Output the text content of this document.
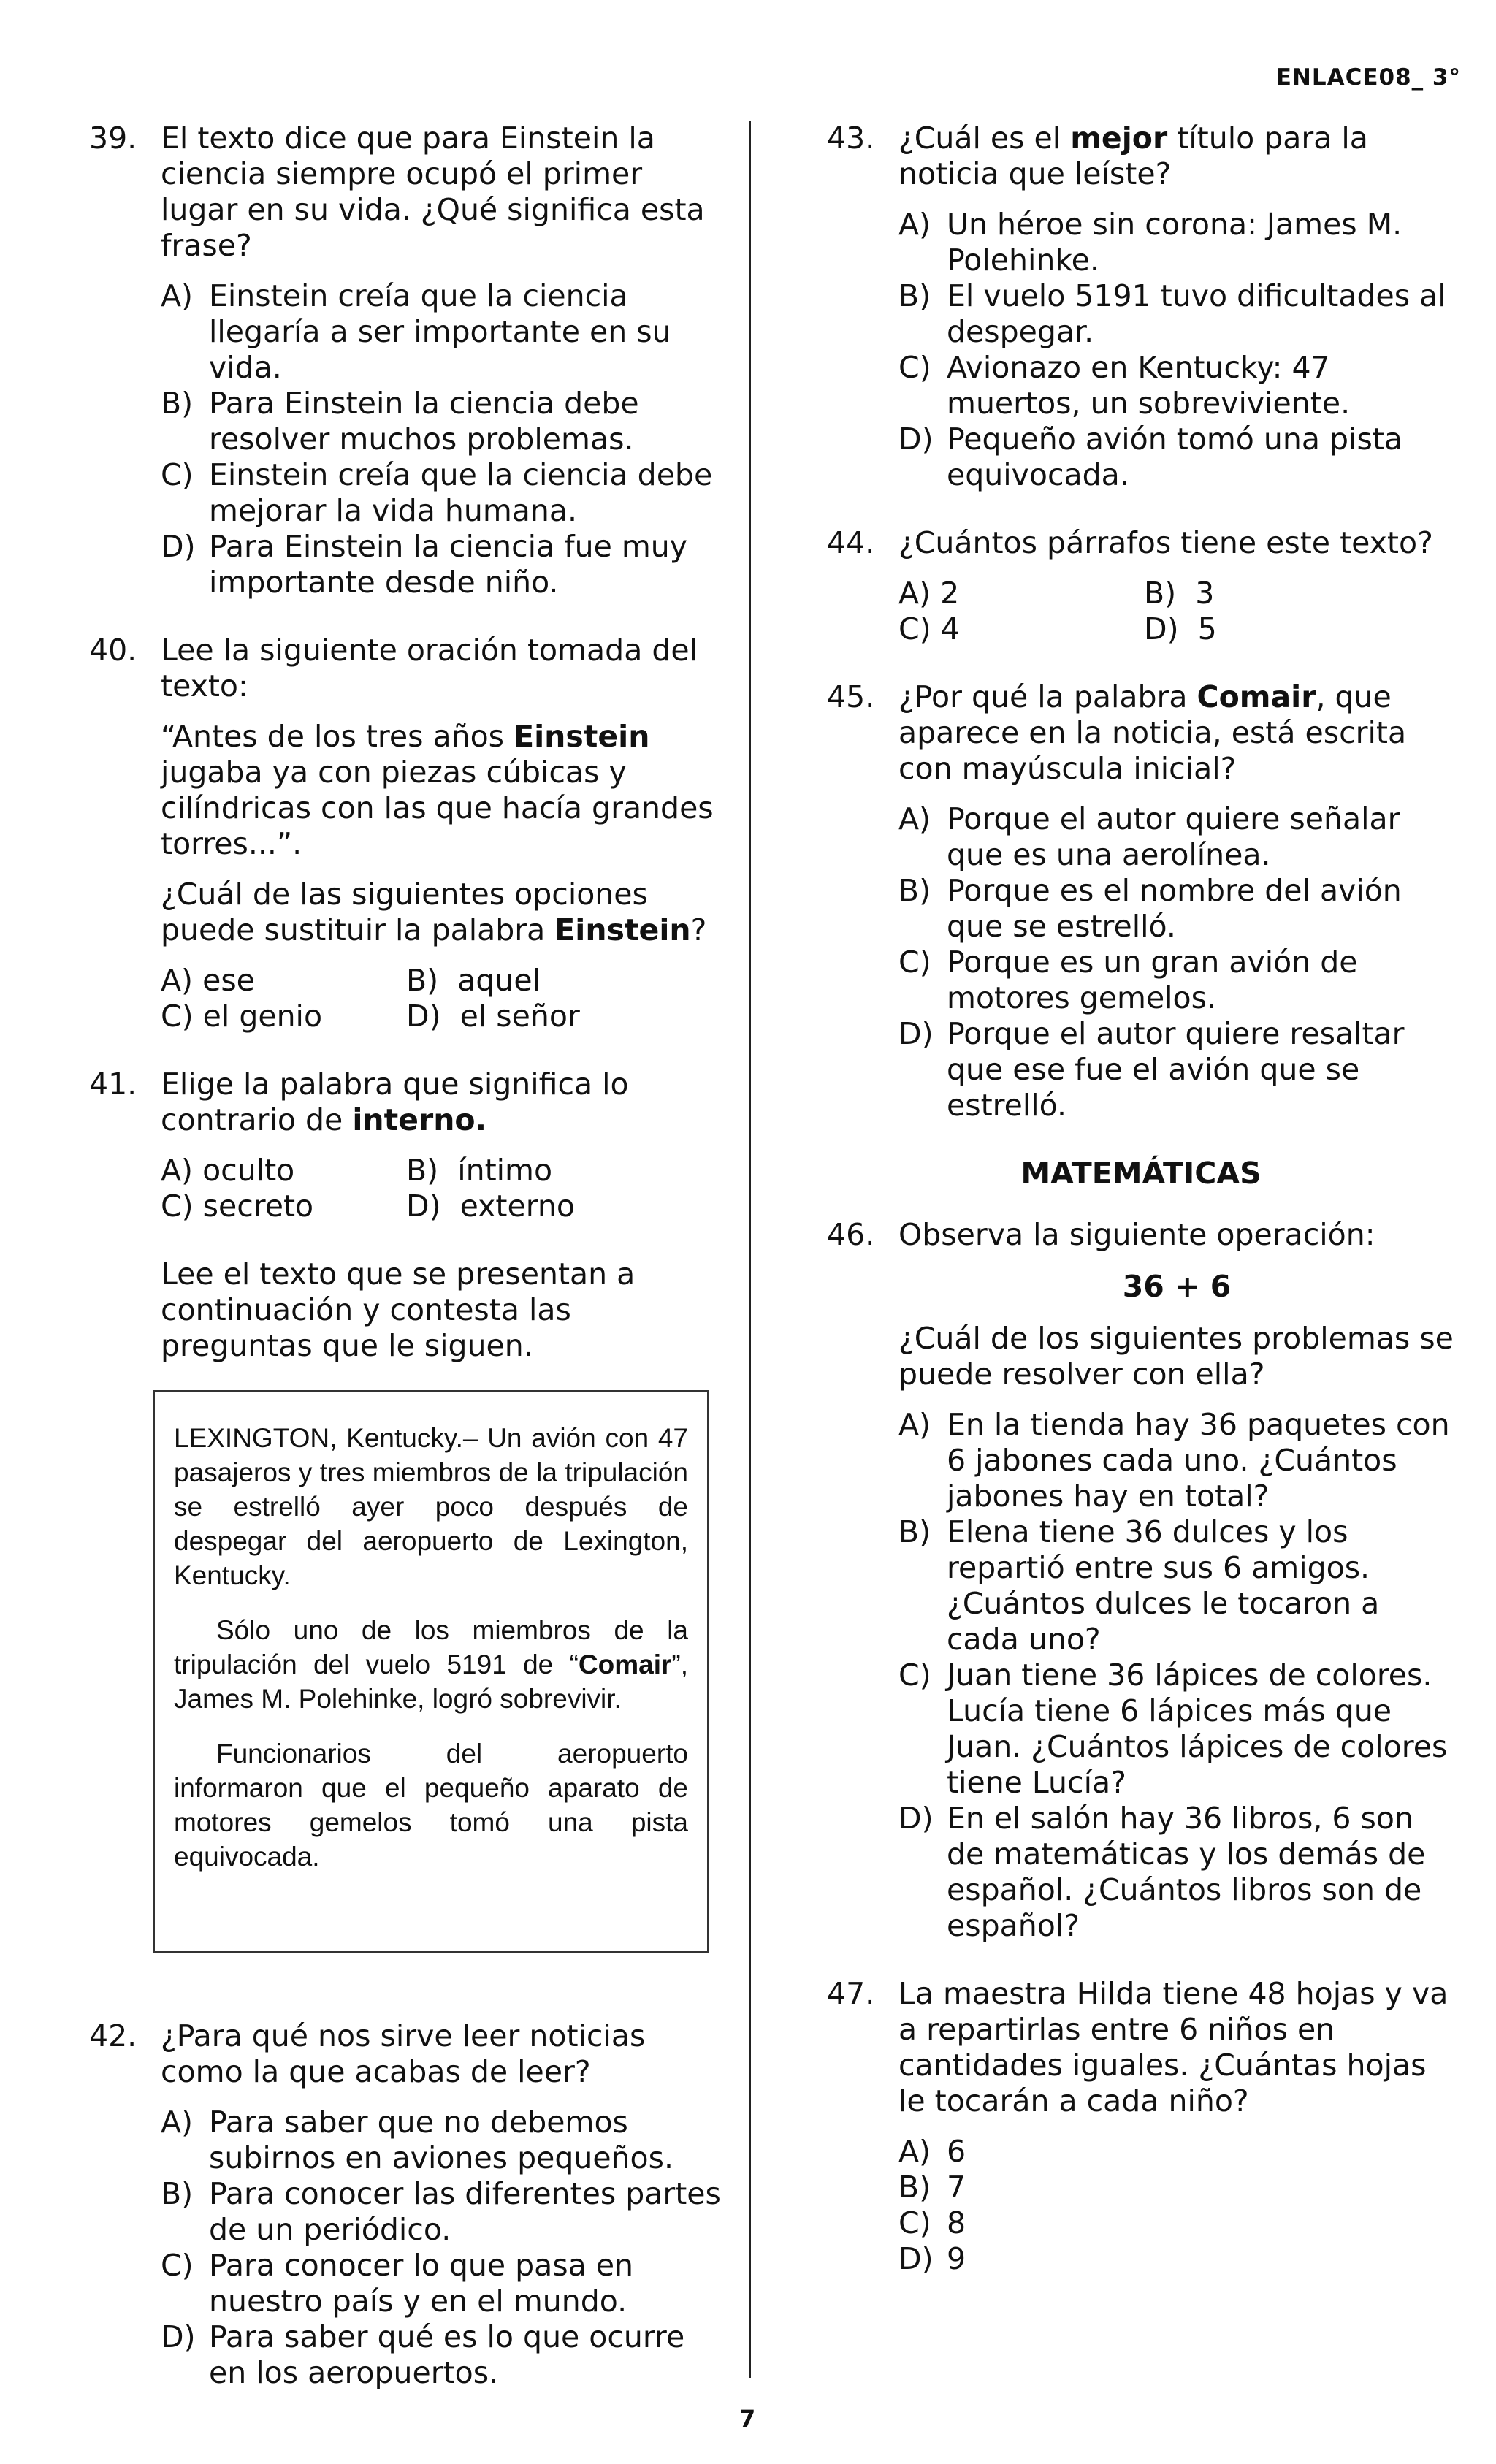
ENLACE08_ 3°
39. El texto dice que para Einstein la ciencia siempre ocupó el primer lugar en su vida. ¿Qué significa esta frase?
A) Einstein creía que la ciencia llegaría a ser importante en su vida.
B) Para Einstein la ciencia debe resolver muchos problemas.
C) Einstein creía que la ciencia debe mejorar la vida humana.
D) Para Einstein la ciencia fue muy importante desde niño.
40. Lee la siguiente oración tomada del texto:
“Antes de los tres años Einstein jugaba ya con piezas cúbicas y cilíndricas con las que hacía grandes torres...”.
¿Cuál de las siguientes opciones puede sustituir la palabra Einstein?
A) ese	B) aquel
C) el genio	D) el señor
41. Elige la palabra que significa lo contrario de interno.
A) oculto	B) íntimo
C) secreto	D) externo
Lee el texto que se presentan a continuación y contesta las preguntas que le siguen.

LEXINGTON, Kentucky.– Un avión con 47 pasajeros y tres miembros de la tripulación se estrelló ayer poco después de despegar del aeropuerto de Lexington, Kentucky.

Sólo uno de los miembros de la tripulación del vuelo 5191 de “Comair”, James M. Polehinke, logró sobrevivir.

Funcionarios del aeropuerto informaron que el pequeño aparato de motores gemelos tomó una pista equivocada.

42. ¿Para qué nos sirve leer noticias como la que acabas de leer?
A) Para saber que no debemos subirnos en aviones pequeños.
B) Para conocer las diferentes partes de un periódico.
C) Para conocer lo que pasa en nuestro país y en el mundo.
D) Para saber qué es lo que ocurre en los aeropuertos.
43. ¿Cuál es el mejor título para la noticia que leíste?
A) Un héroe sin corona: James M. Polehinke.
B) El vuelo 5191 tuvo dificultades al despegar.
C) Avionazo en Kentucky: 47 muertos, un sobreviviente.
D) Pequeño avión tomó una pista equivocada.
44. ¿Cuántos párrafos tiene este texto?
A) 2	B) 3
C) 4	D) 5
45. ¿Por qué la palabra Comair, que aparece en la noticia, está escrita con mayúscula inicial?
A) Porque el autor quiere señalar que es una aerolínea.
B) Porque es el nombre del avión que se estrelló.
C) Porque es un gran avión de motores gemelos.
D) Porque el autor quiere resaltar que ese fue el avión que se estrelló.
MATEMÁTICAS
46. Observa la siguiente operación:
36 + 6
¿Cuál de los siguientes problemas se puede resolver con ella?
A) En la tienda hay 36 paquetes con 6 jabones cada uno. ¿Cuántos jabones hay en total?
B) Elena tiene 36 dulces y los repartió entre sus 6 amigos. ¿Cuántos dulces le tocaron a cada uno?
C) Juan tiene 36 lápices de colores. Lucía tiene 6 lápices más que Juan. ¿Cuántos lápices de colores tiene Lucía?
D) En el salón hay 36 libros, 6 son de matemáticas y los demás de español. ¿Cuántos libros son de español?
47. La maestra Hilda tiene 48 hojas y va a repartirlas entre 6 niños en cantidades iguales. ¿Cuántas hojas le tocarán a cada niño?
A) 6
B) 7
C) 8
D) 9
7
